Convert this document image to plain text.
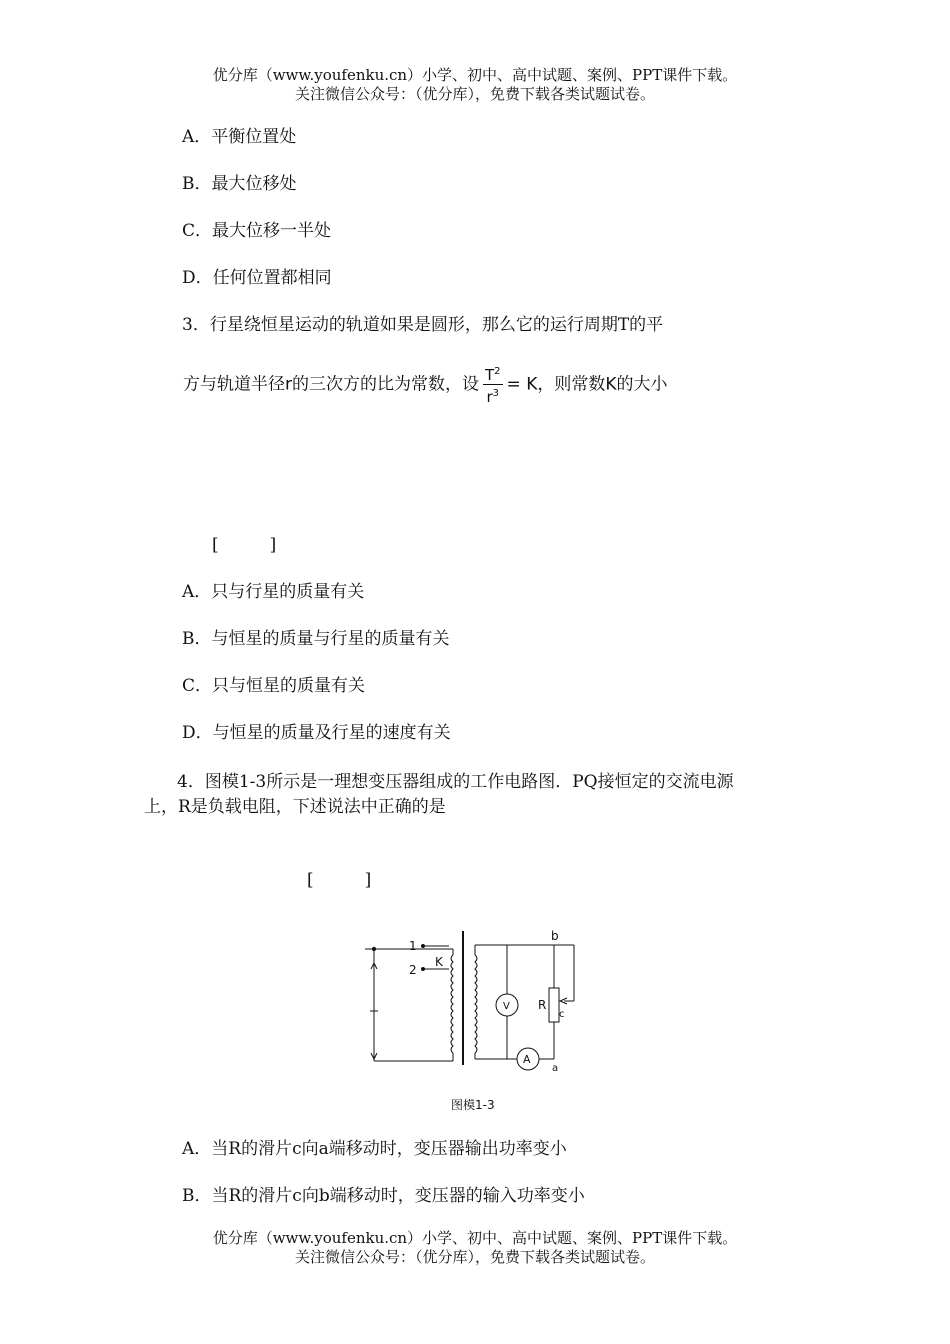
优分库（www.youfenku.cn）小学、初中、高中试题、案例、PPT课件下载。
关注微信公众号：（优分库），免费下载各类试题试卷。
A．平衡位置处
B．最大位移处
C．最大位移一半处
D．任何位置都相同
3．行星绕恒星运动的轨道如果是圆形，那么它的运行周期T的平
方与轨道半径r的三次方的比为常数，设 $\frac{T^2}{r^3} = K$，则常数K的大小
[　　　]
A．只与行星的质量有关
B．与恒星的质量与行星的质量有关
C．只与恒星的质量有关
D．与恒星的质量及行星的速度有关
4．图模1-3所示是一理想变压器组成的工作电路图．PQ接恒定的交流电源
上，R是负载电阻，下述说法中正确的是
[　　　]
1
2
K
b
R
c
V
A
a
图模1-3
A．当R的滑片c向a端移动时，变压器输出功率变小
B．当R的滑片c向b端移动时，变压器的输入功率变小
优分库（www.youfenku.cn）小学、初中、高中试题、案例、PPT课件下载。
关注微信公众号：（优分库），免费下载各类试题试卷。
